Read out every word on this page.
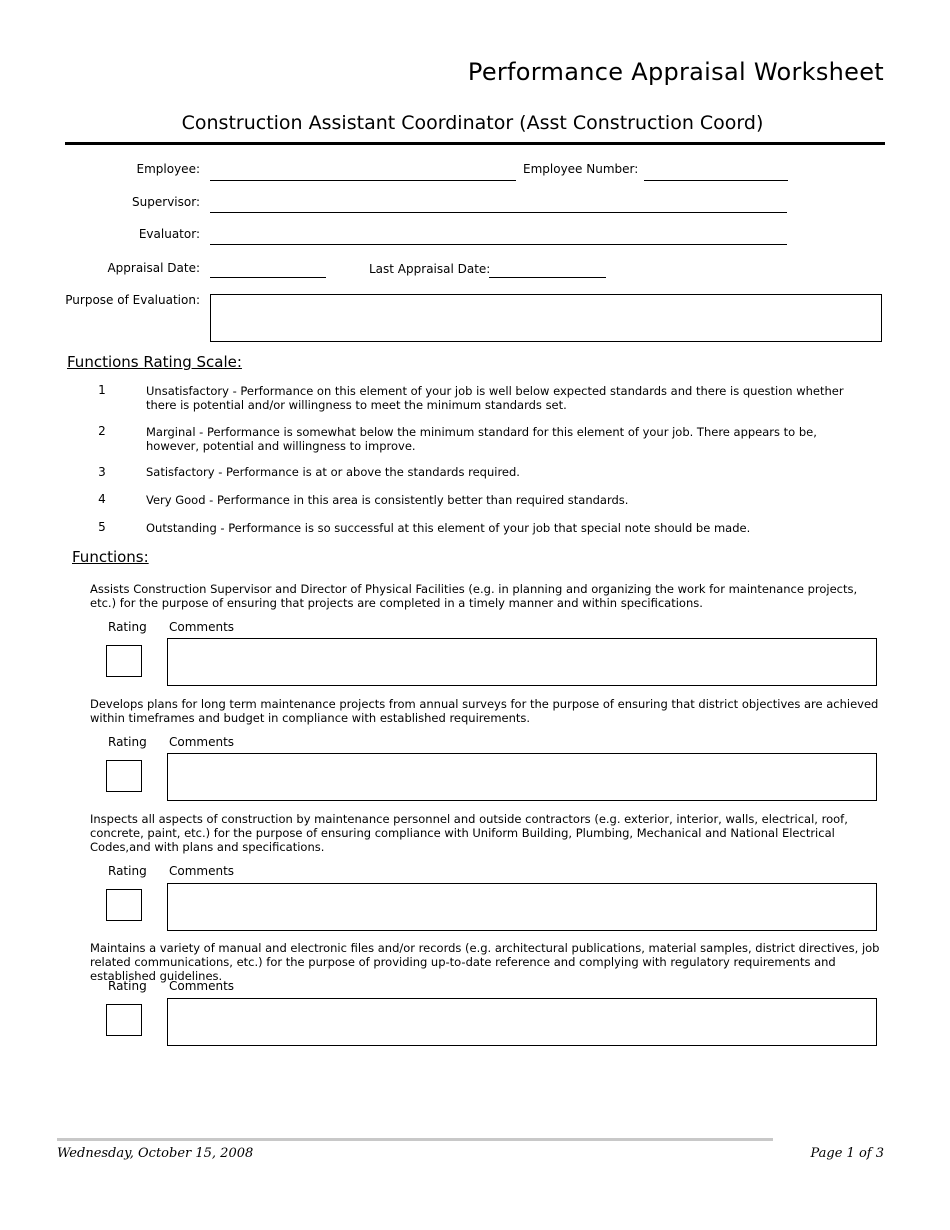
Performance Appraisal Worksheet
Construction Assistant Coordinator (Asst Construction Coord)
Employee:	Employee Number:
Supervisor:
Evaluator:
Appraisal Date:	Last Appraisal Date:
Purpose of Evaluation:
Functions Rating Scale:
1	Unsatisfactory - Performance on this element of your job is well below expected standards and there is question whether there is potential and/or willingness to meet the minimum standards set.
2	Marginal - Performance is somewhat below the minimum standard for this element of your job. There appears to be, however, potential and willingness to improve.
3	Satisfactory - Performance is at or above the standards required.
4	Very Good - Performance in this area is consistently better than required standards.
5	Outstanding - Performance is so successful at this element of your job that special note should be made.
Functions:
Assists Construction Supervisor and Director of Physical Facilities (e.g. in planning and organizing the work for maintenance projects, etc.) for the purpose of ensuring that projects are completed in a timely manner and within specifications.
Rating Comments
Develops plans for long term maintenance projects from annual surveys for the purpose of ensuring that district objectives are achieved within timeframes and budget in compliance with established requirements.
Rating Comments
Inspects all aspects of construction by maintenance personnel and outside contractors (e.g. exterior, interior, walls, electrical, roof, concrete, paint, etc.) for the purpose of ensuring compliance with Uniform Building, Plumbing, Mechanical and National Electrical Codes,and with plans and specifications.
Rating Comments
Maintains a variety of manual and electronic files and/or records (e.g. architectural publications, material samples, district directives, job related communications, etc.) for the purpose of providing up-to-date reference and complying with regulatory requirements and established guidelines.
Rating Comments
Wednesday, October 15, 2008	Page 1 of 3
